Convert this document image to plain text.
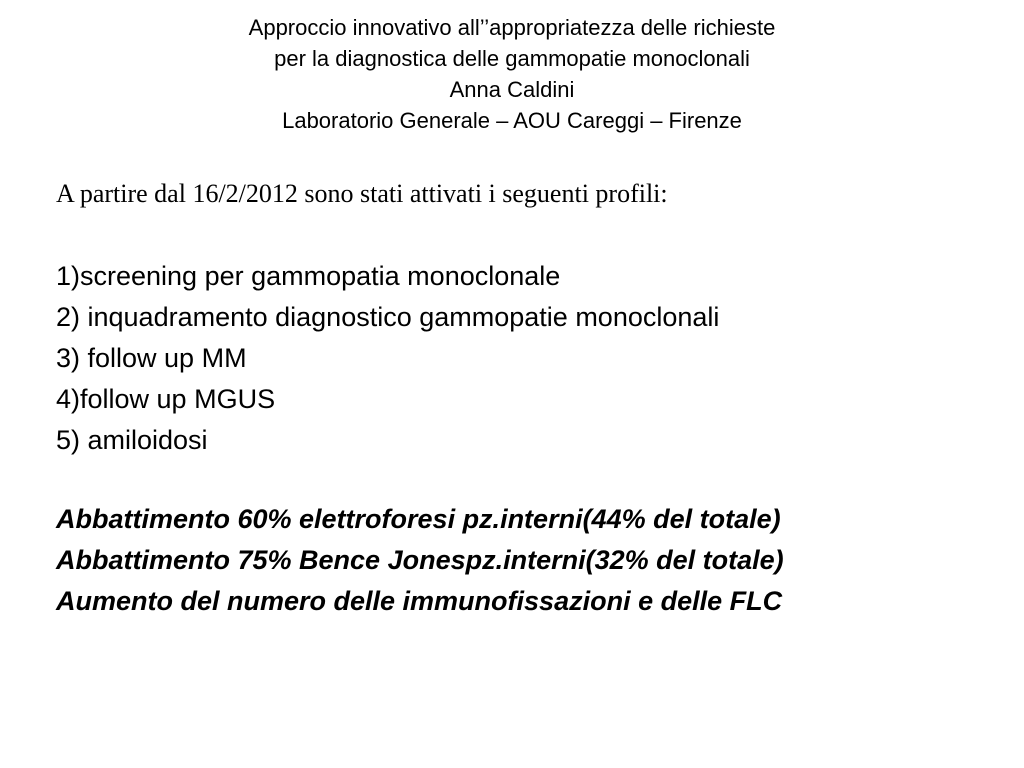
Approccio innovativo all’’appropriatezza delle richieste
per la diagnostica delle gammopatie monoclonali
Anna Caldini
Laboratorio Generale – AOU Careggi – Firenze
A partire dal 16/2/2012 sono stati attivati i seguenti profili:
1)screening per gammopatia monoclonale
2) inquadramento diagnostico gammopatie monoclonali
3) follow up MM
4)follow up MGUS
5) amiloidosi
Abbattimento 60% elettroforesi pz.interni(44% del totale)
Abbattimento 75% Bence Jonespz.interni(32% del totale)
Aumento del numero delle immunofissazioni e delle FLC
